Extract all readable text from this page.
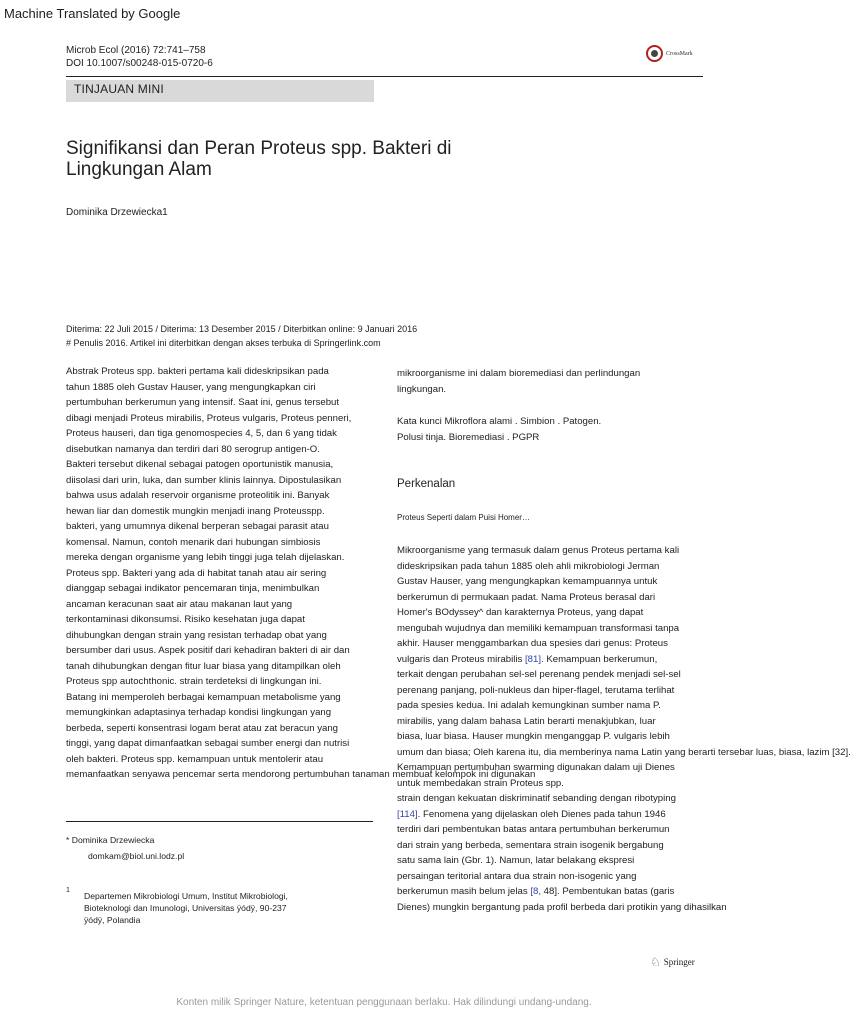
Machine Translated by Google
Microb Ecol (2016) 72:741–758
DOI 10.1007/s00248-015-0720-6
CrossMark
TINJAUAN MINI
Signifikansi dan Peran Proteus spp. Bakteri di
Lingkungan Alam
Dominika Drzewiecka1
Diterima: 22 Juli 2015 / Diterima: 13 Desember 2015 / Diterbitkan online: 9 Januari 2016
# Penulis 2016. Artikel ini diterbitkan dengan akses terbuka di Springerlink.com

Abstrak Proteus spp. bakteri pertama kali dideskripsikan pada

tahun 1885 oleh Gustav Hauser, yang mengungkapkan ciri

pertumbuhan berkerumun yang intensif. Saat ini, genus tersebut

dibagi menjadi Proteus mirabilis, Proteus vulgaris, Proteus penneri,

Proteus hauseri, dan tiga genomospecies 4, 5, dan 6 yang tidak

disebutkan namanya dan terdiri dari 80 serogrup antigen-O.

Bakteri tersebut dikenal sebagai patogen oportunistik manusia,

diisolasi dari urin, luka, dan sumber klinis lainnya. Dipostulasikan

bahwa usus adalah reservoir organisme proteolitik ini. Banyak

hewan liar dan domestik mungkin menjadi inang Proteusspp.

bakteri, yang umumnya dikenal berperan sebagai parasit atau

komensal. Namun, contoh menarik dari hubungan simbiosis

mereka dengan organisme yang lebih tinggi juga telah dijelaskan.

Proteus spp. Bakteri yang ada di habitat tanah atau air sering

dianggap sebagai indikator pencemaran tinja, menimbulkan

ancaman keracunan saat air atau makanan laut yang

terkontaminasi dikonsumsi. Risiko kesehatan juga dapat

dihubungkan dengan strain yang resistan terhadap obat yang

bersumber dari usus. Aspek positif dari kehadiran bakteri di air dan

tanah dihubungkan dengan fitur luar biasa yang ditampilkan oleh

Proteus spp autochthonic. strain terdeteksi di lingkungan ini.

Batang ini memperoleh berbagai kemampuan metabolisme yang

memungkinkan adaptasinya terhadap kondisi lingkungan yang

berbeda, seperti konsentrasi logam berat atau zat beracun yang

tinggi, yang dapat dimanfaatkan sebagai sumber energi dan nutrisi

oleh bakteri. Proteus spp. kemampuan untuk mentolerir atau

memanfaatkan senyawa pencemar serta mendorong pertumbuhan tanaman membuat kelompok ini digunakan

mikroorganisme ini dalam bioremediasi dan perlindungan

lingkungan.

Kata kunci Mikroflora alami . Simbion . Patogen.

Polusi tinja. Bioremediasi . PGPR

Perkenalan
Proteus Seperti dalam Puisi Homer…

Mikroorganisme yang termasuk dalam genus Proteus pertama kali

dideskripsikan pada tahun 1885 oleh ahli mikrobiologi Jerman

Gustav Hauser, yang mengungkapkan kemampuannya untuk

berkerumun di permukaan padat. Nama Proteus berasal dari

Homer's BOdyssey^ dan karakternya Proteus, yang dapat

mengubah wujudnya dan memiliki kemampuan transformasi tanpa

akhir. Hauser menggambarkan dua spesies dari genus: Proteus

vulgaris dan Proteus mirabilis [81]. Kemampuan berkerumun,

terkait dengan perubahan sel-sel perenang pendek menjadi sel-sel

perenang panjang, poli-nukleus dan hiper-flagel, terutama terlihat

pada spesies kedua. Ini adalah kemungkinan sumber nama P.

mirabilis, yang dalam bahasa Latin berarti menakjubkan, luar

biasa, luar biasa. Hauser mungkin menganggap P. vulgaris lebih

umum dan biasa; Oleh karena itu, dia memberinya nama Latin yang berarti tersebar luas, biasa, lazim [32].

Kemampuan pertumbuhan swarming digunakan dalam uji Dienes

untuk membedakan strain Proteus spp.

strain dengan kekuatan diskriminatif sebanding dengan ribotyping

[114]. Fenomena yang dijelaskan oleh Dienes pada tahun 1946

terdiri dari pembentukan batas antara pertumbuhan berkerumun

dari strain yang berbeda, sementara strain isogenik bergabung

satu sama lain (Gbr. 1). Namun, latar belakang ekspresi

persaingan teritorial antara dua strain non-isogenic yang

berkerumun masih belum jelas [8, 48]. Pembentukan batas (garis

Dienes) mungkin bergantung pada profil berbeda dari protikin yang dihasilkan

* Dominika Drzewiecka
domkam@biol.uni.lodz.pl
1
Departemen Mikrobiologi Umum, Institut Mikrobiologi,
Bioteknologi dan Imunologi, Universitas ÿódÿ, 90-237
ÿódÿ, Polandia
♘ Springer
Konten milik Springer Nature, ketentuan penggunaan berlaku. Hak dilindungi undang-undang.
